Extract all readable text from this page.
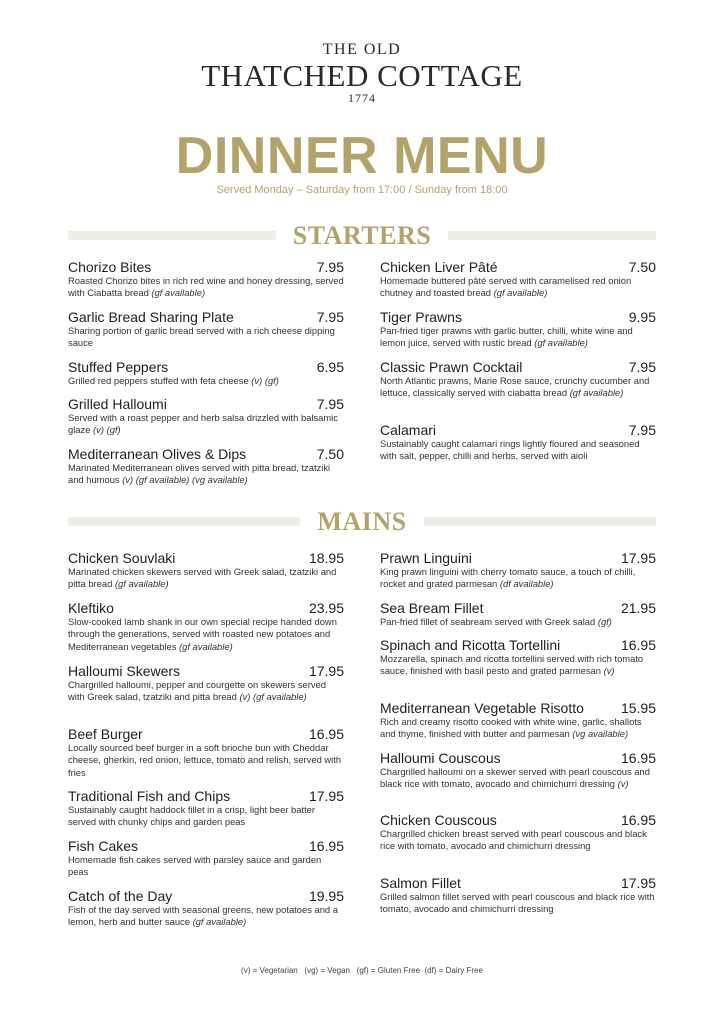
THE OLD
THATCHED COTTAGE
1774
DINNER MENU
Served Monday – Saturday from 17:00 / Sunday from 18:00
STARTERS
Chorizo Bites	7.95
Roasted Chorizo bites in rich red wine and honey dressing, served with Ciabatta bread (gf available)
Garlic Bread Sharing Plate	7.95
Sharing portion of garlic bread served with a rich cheese dipping sauce
Stuffed Peppers	6.95
Grilled red peppers stuffed with feta cheese (v) (gf)
Grilled Halloumi	7.95
Served with a roast pepper and herb salsa drizzled with balsamic glaze (v) (gf)
Mediterranean Olives & Dips	7.50
Marinated Mediterranean olives served with pitta bread, tzatziki and humous (v) (gf available) (vg available)
Chicken Liver Pâté	7.50
Homemade buttered pâté served with caramelised red onion chutney and toasted bread (gf available)
Tiger Prawns	9.95
Pan-fried tiger prawns with garlic butter, chilli, white wine and lemon juice, served with rustic bread (gf available)
Classic Prawn Cocktail	7.95
North Atlantic prawns, Marie Rose sauce, crunchy cucumber and lettuce, classically served with ciabatta bread (gf available)
Calamari	7.95
Sustainably caught calamari rings lightly floured and seasoned with salt, pepper, chilli and herbs, served with aioli
MAINS
Chicken Souvlaki	18.95
Marinated chicken skewers served with Greek salad, tzatziki and pitta bread (gf available)
Kleftiko	23.95
Slow-cooked lamb shank in our own special recipe handed down through the generations, served with roasted new potatoes and Mediterranean vegetables (gf available)
Halloumi Skewers	17.95
Chargrilled halloumi, pepper and courgette on skewers served with Greek salad, tzatziki and pitta bread (v) (gf available)
Beef Burger	16.95
Locally sourced beef burger in a soft brioche bun with Cheddar cheese, gherkin, red onion, lettuce, tomato and relish, served with fries
Traditional Fish and Chips	17.95
Sustainably caught haddock fillet in a crisp, light beer batter served with chunky chips and garden peas
Fish Cakes	16.95
Homemade fish cakes served with parsley sauce and garden peas
Catch of the Day	19.95
Fish of the day served with seasonal greens, new potatoes and a lemon, herb and butter sauce (gf available)
Prawn Linguini	17.95
King prawn linguini with cherry tomato sauce, a touch of chilli, rocket and grated parmesan (df available)
Sea Bream Fillet	21.95
Pan-fried fillet of seabream served with Greek salad (gf)
Spinach and Ricotta Tortellini	16.95
Mozzarella, spinach and ricotta tortellini served with rich tomato sauce, finished with basil pesto and grated parmesan (v)
Mediterranean Vegetable Risotto	15.95
Rich and creamy risotto cooked with white wine, garlic, shallots and thyme, finished with butter and parmesan (vg available)
Halloumi Couscous	16.95
Chargrilled halloumi on a skewer served with pearl couscous and black rice with tomato, avocado and chimichurri dressing (v)
Chicken Couscous	16.95
Chargrilled chicken breast served with pearl couscous and black rice with tomato, avocado and chimichurri dressing
Salmon Fillet	17.95
Grilled salmon fillet served with pearl couscous and black rice with tomato, avocado and chimichurri dressing
(v) = Vegetarian   (vg) = Vegan   (gf) = Gluten Free  (df) = Dairy Free
